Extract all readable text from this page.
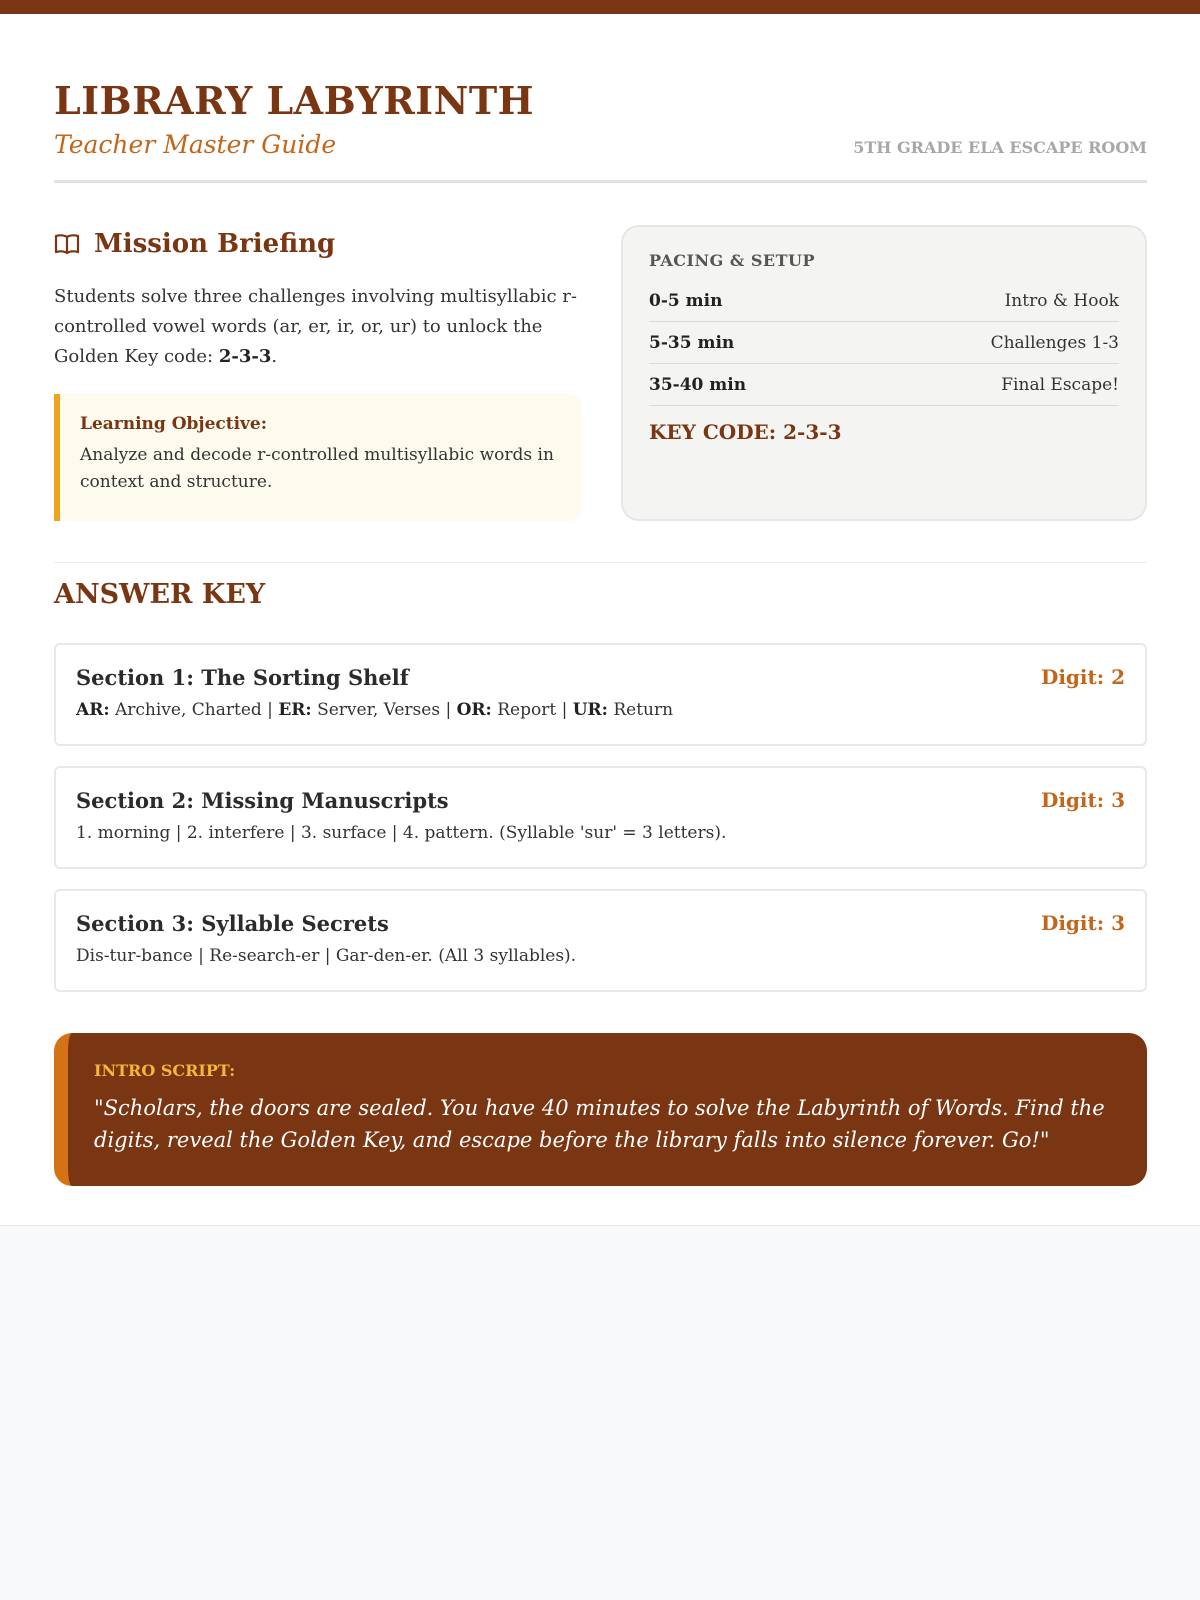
LIBRARY LABYRINTH
Teacher Master Guide	5TH GRADE ELA ESCAPE ROOM
Mission Briefing
Students solve three challenges involving multisyllabic r-controlled vowel words (ar, er, ir, or, ur) to unlock the Golden Key code: 2-3-3.
Learning Objective:
Analyze and decode r-controlled multisyllabic words in context and structure.
PACING & SETUP
0-5 min	Intro & Hook
5-35 min	Challenges 1-3
35-40 min	Final Escape!
KEY CODE: 2-3-3
ANSWER KEY
Section 1: The Sorting Shelf	Digit: 2
AR: Archive, Charted | ER: Server, Verses | OR: Report | UR: Return
Section 2: Missing Manuscripts	Digit: 3
1. morning | 2. interfere | 3. surface | 4. pattern. (Syllable 'sur' = 3 letters).
Section 3: Syllable Secrets	Digit: 3
Dis-tur-bance | Re-search-er | Gar-den-er. (All 3 syllables).
INTRO SCRIPT:
"Scholars, the doors are sealed. You have 40 minutes to solve the Labyrinth of Words. Find the digits, reveal the Golden Key, and escape before the library falls into silence forever. Go!"
